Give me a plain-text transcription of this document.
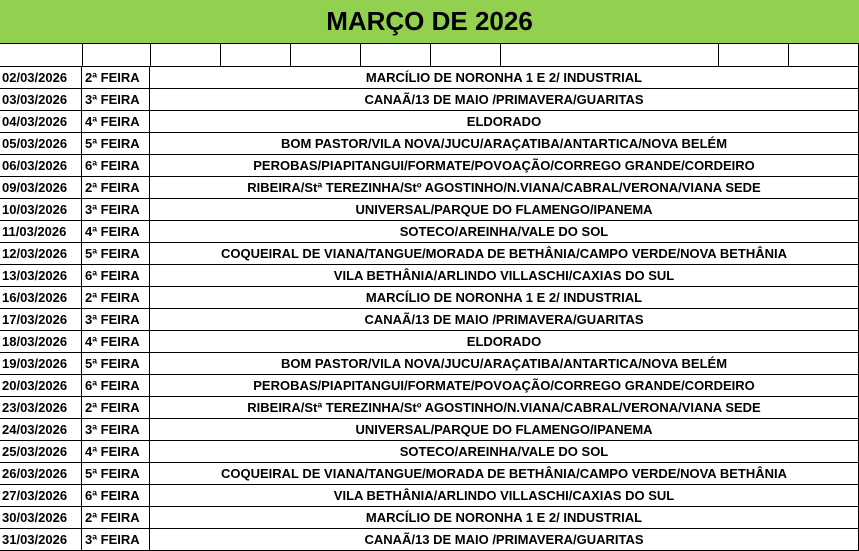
MARÇO DE 2026
02/03/2026	2ª FEIRA	MARCÍLIO DE NORONHA 1 E 2/ INDUSTRIAL
03/03/2026	3ª FEIRA	CANAÃ/13 DE MAIO /PRIMAVERA/GUARITAS
04/03/2026	4ª FEIRA	ELDORADO
05/03/2026	5ª FEIRA	BOM PASTOR/VILA NOVA/JUCU/ARAÇATIBA/ANTARTICA/NOVA BELÉM
06/03/2026	6ª FEIRA	PEROBAS/PIAPITANGUI/FORMATE/POVOAÇÃO/CORREGO GRANDE/CORDEIRO
09/03/2026	2ª FEIRA	RIBEIRA/Stª TEREZINHA/Stº AGOSTINHO/N.VIANA/CABRAL/VERONA/VIANA SEDE
10/03/2026	3ª FEIRA	UNIVERSAL/PARQUE DO FLAMENGO/IPANEMA
11/03/2026	4ª FEIRA	SOTECO/AREINHA/VALE DO SOL
12/03/2026	5ª FEIRA	COQUEIRAL DE VIANA/TANGUE/MORADA DE BETHÂNIA/CAMPO VERDE/NOVA BETHÂNIA
13/03/2026	6ª FEIRA	VILA BETHÂNIA/ARLINDO VILLASCHI/CAXIAS DO SUL
16/03/2026	2ª FEIRA	MARCÍLIO DE NORONHA 1 E 2/ INDUSTRIAL
17/03/2026	3ª FEIRA	CANAÃ/13 DE MAIO /PRIMAVERA/GUARITAS
18/03/2026	4ª FEIRA	ELDORADO
19/03/2026	5ª FEIRA	BOM PASTOR/VILA NOVA/JUCU/ARAÇATIBA/ANTARTICA/NOVA BELÉM
20/03/2026	6ª FEIRA	PEROBAS/PIAPITANGUI/FORMATE/POVOAÇÃO/CORREGO GRANDE/CORDEIRO
23/03/2026	2ª FEIRA	RIBEIRA/Stª TEREZINHA/Stº AGOSTINHO/N.VIANA/CABRAL/VERONA/VIANA SEDE
24/03/2026	3ª FEIRA	UNIVERSAL/PARQUE DO FLAMENGO/IPANEMA
25/03/2026	4ª FEIRA	SOTECO/AREINHA/VALE DO SOL
26/03/2026	5ª FEIRA	COQUEIRAL DE VIANA/TANGUE/MORADA DE BETHÂNIA/CAMPO VERDE/NOVA BETHÂNIA
27/03/2026	6ª FEIRA	VILA BETHÂNIA/ARLINDO VILLASCHI/CAXIAS DO SUL
30/03/2026	2ª FEIRA	MARCÍLIO DE NORONHA 1 E 2/ INDUSTRIAL
31/03/2026	3ª FEIRA	CANAÃ/13 DE MAIO /PRIMAVERA/GUARITAS
